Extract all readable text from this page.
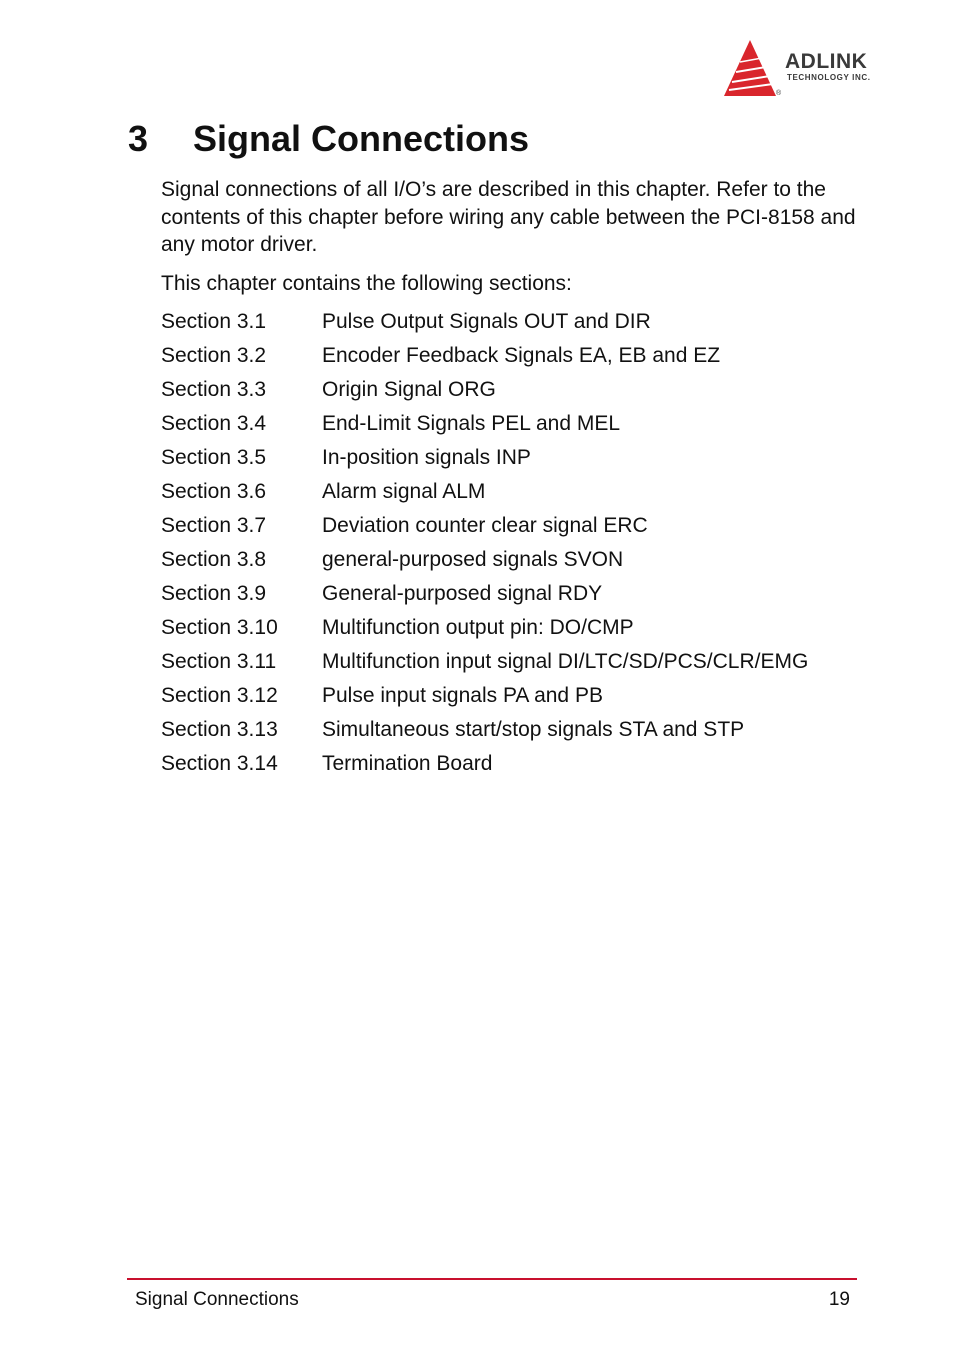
ADLINK
TECHNOLOGY INC.
®
3 Signal Connections

Signal connections of all I/O’s are described in this chapter. Refer to the contents of this chapter before wiring any cable between the PCI-8158 and any motor driver.

This chapter contains the following sections:

Section 3.1	Pulse Output Signals OUT and DIR
Section 3.2	Encoder Feedback Signals EA, EB and EZ
Section 3.3	Origin Signal ORG
Section 3.4	End-Limit Signals PEL and MEL
Section 3.5	In-position signals INP
Section 3.6	Alarm signal ALM
Section 3.7	Deviation counter clear signal ERC
Section 3.8	general-purposed signals SVON
Section 3.9	General-purposed signal RDY
Section 3.10	Multifunction output pin: DO/CMP
Section 3.11	Multifunction input signal DI/LTC/SD/PCS/CLR/EMG
Section 3.12	Pulse input signals PA and PB
Section 3.13	Simultaneous start/stop signals STA and STP
Section 3.14	Termination Board
Signal Connections	19
